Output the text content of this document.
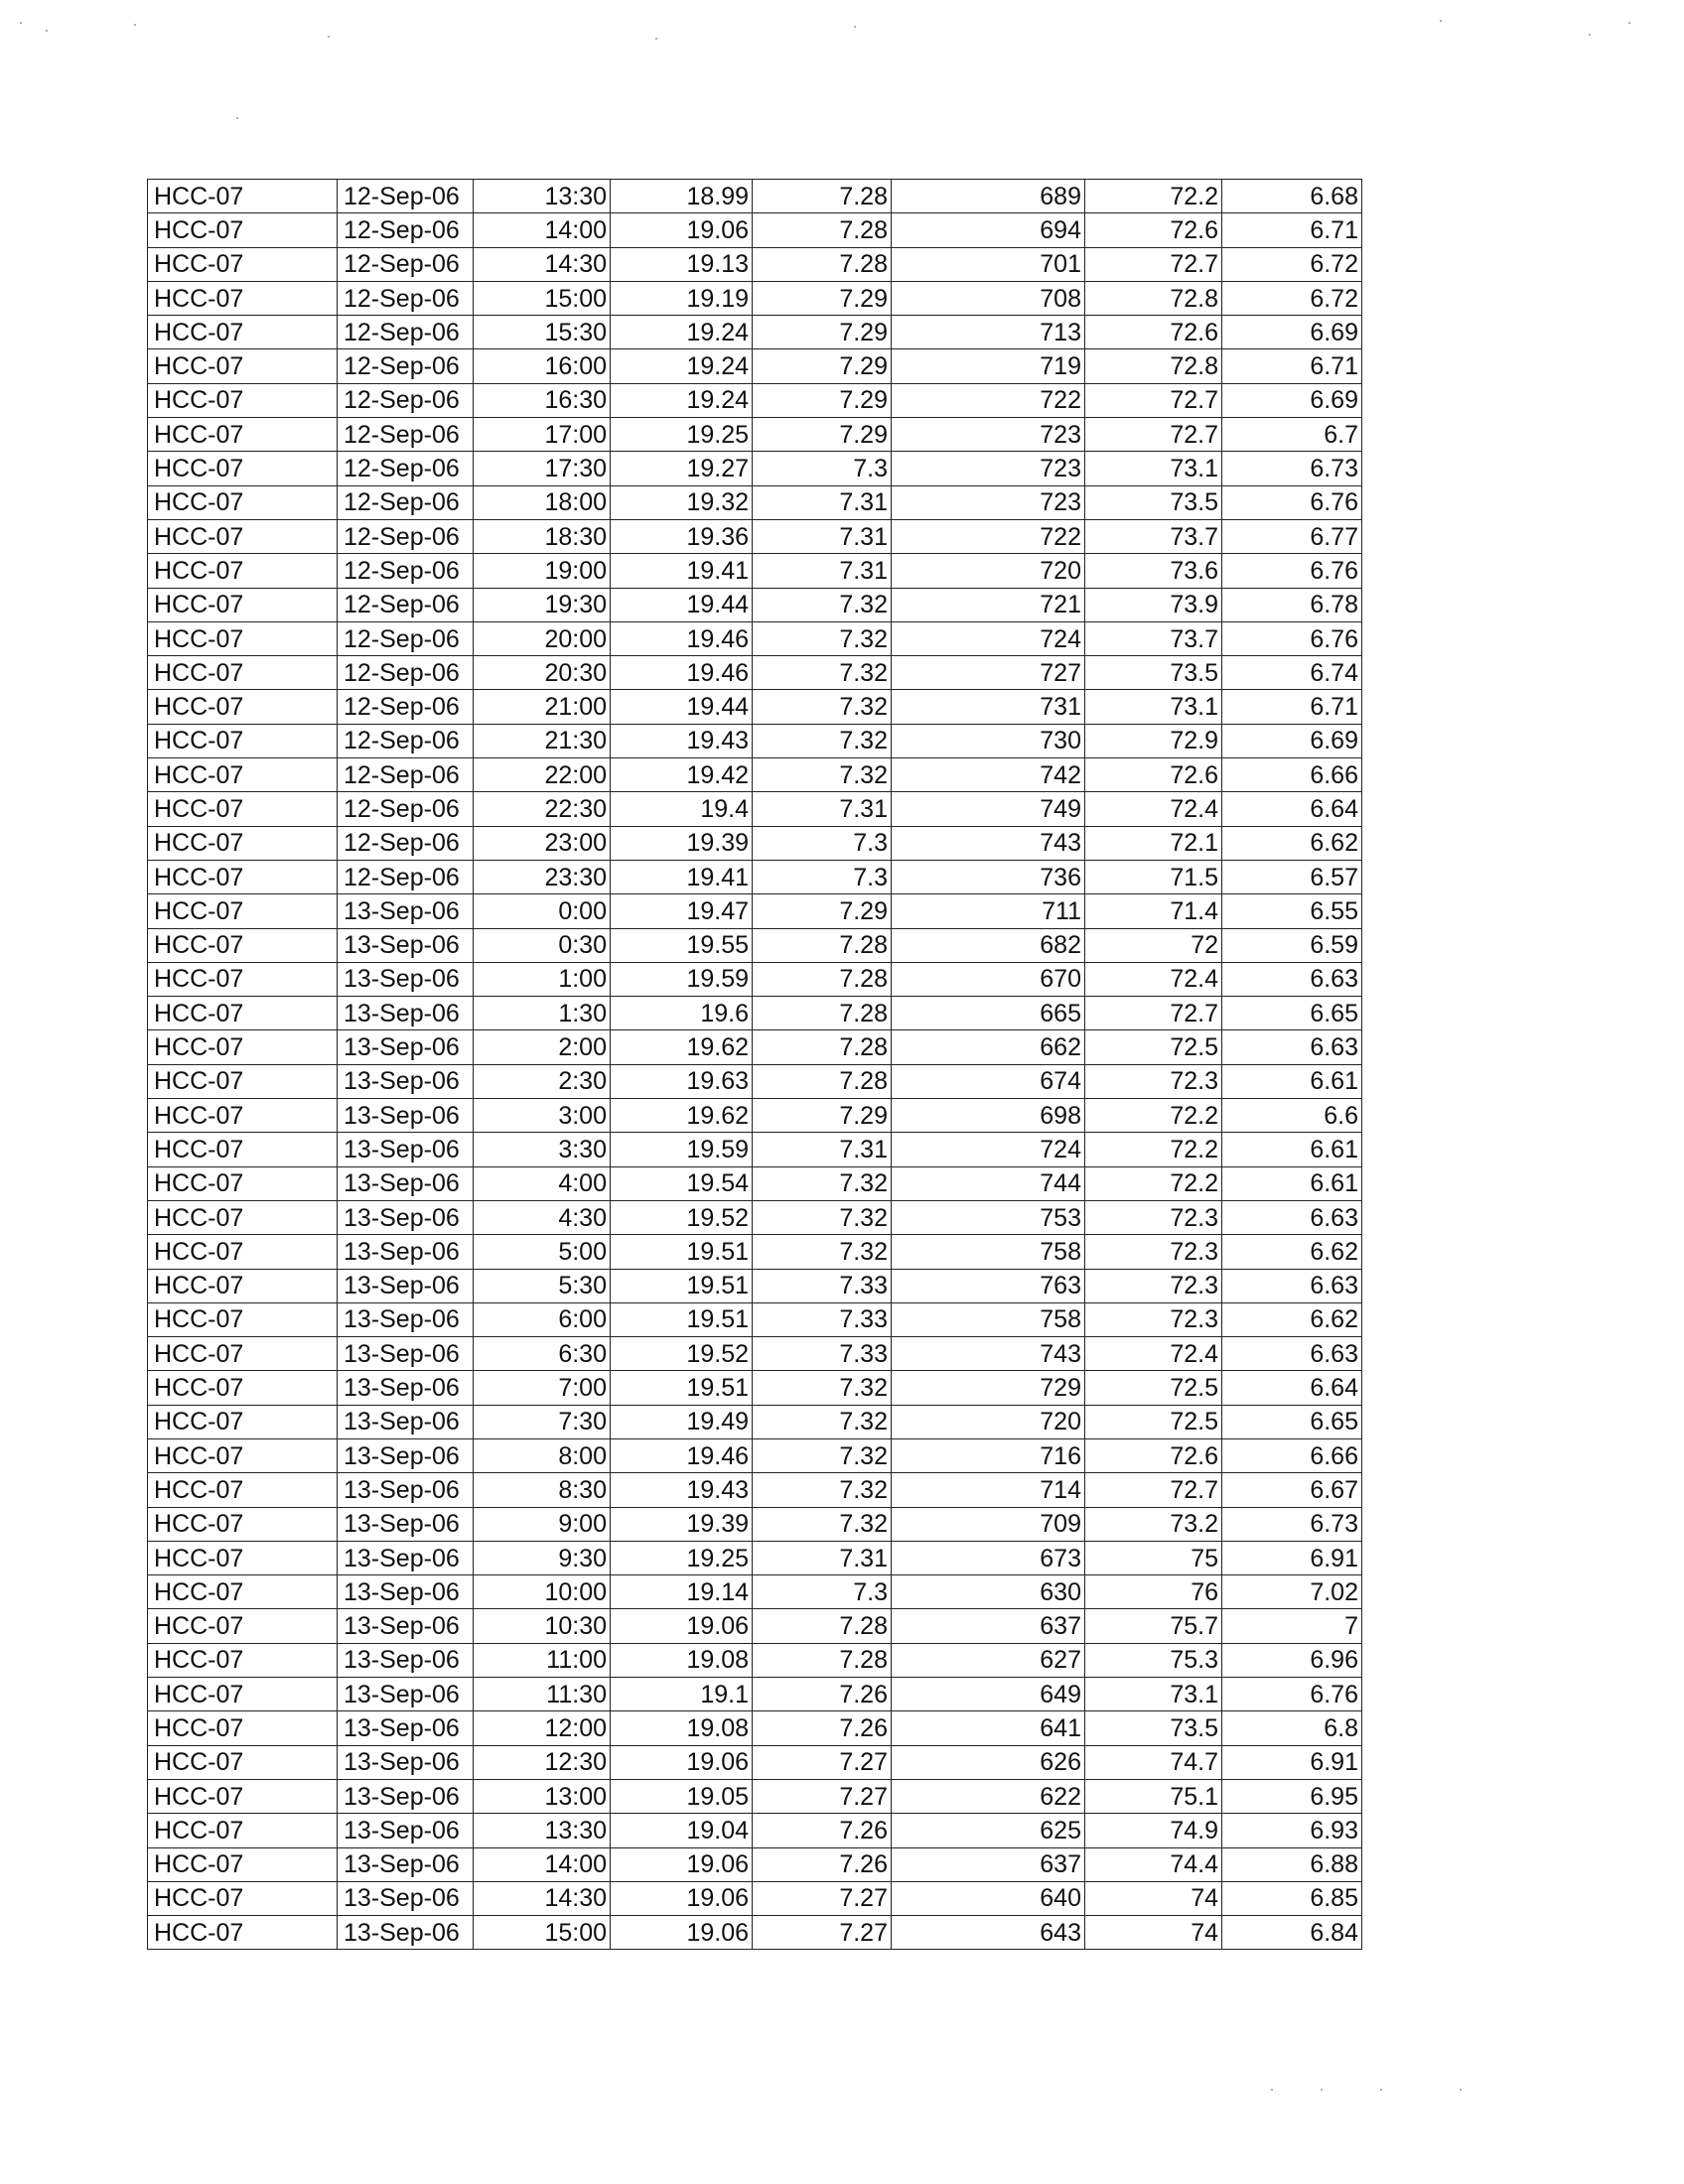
HCC-07	12-Sep-06	13:30	18.99	7.28	689	72.2	6.68
HCC-07	12-Sep-06	14:00	19.06	7.28	694	72.6	6.71
HCC-07	12-Sep-06	14:30	19.13	7.28	701	72.7	6.72
HCC-07	12-Sep-06	15:00	19.19	7.29	708	72.8	6.72
HCC-07	12-Sep-06	15:30	19.24	7.29	713	72.6	6.69
HCC-07	12-Sep-06	16:00	19.24	7.29	719	72.8	6.71
HCC-07	12-Sep-06	16:30	19.24	7.29	722	72.7	6.69
HCC-07	12-Sep-06	17:00	19.25	7.29	723	72.7	6.7
HCC-07	12-Sep-06	17:30	19.27	7.3	723	73.1	6.73
HCC-07	12-Sep-06	18:00	19.32	7.31	723	73.5	6.76
HCC-07	12-Sep-06	18:30	19.36	7.31	722	73.7	6.77
HCC-07	12-Sep-06	19:00	19.41	7.31	720	73.6	6.76
HCC-07	12-Sep-06	19:30	19.44	7.32	721	73.9	6.78
HCC-07	12-Sep-06	20:00	19.46	7.32	724	73.7	6.76
HCC-07	12-Sep-06	20:30	19.46	7.32	727	73.5	6.74
HCC-07	12-Sep-06	21:00	19.44	7.32	731	73.1	6.71
HCC-07	12-Sep-06	21:30	19.43	7.32	730	72.9	6.69
HCC-07	12-Sep-06	22:00	19.42	7.32	742	72.6	6.66
HCC-07	12-Sep-06	22:30	19.4	7.31	749	72.4	6.64
HCC-07	12-Sep-06	23:00	19.39	7.3	743	72.1	6.62
HCC-07	12-Sep-06	23:30	19.41	7.3	736	71.5	6.57
HCC-07	13-Sep-06	0:00	19.47	7.29	711	71.4	6.55
HCC-07	13-Sep-06	0:30	19.55	7.28	682	72	6.59
HCC-07	13-Sep-06	1:00	19.59	7.28	670	72.4	6.63
HCC-07	13-Sep-06	1:30	19.6	7.28	665	72.7	6.65
HCC-07	13-Sep-06	2:00	19.62	7.28	662	72.5	6.63
HCC-07	13-Sep-06	2:30	19.63	7.28	674	72.3	6.61
HCC-07	13-Sep-06	3:00	19.62	7.29	698	72.2	6.6
HCC-07	13-Sep-06	3:30	19.59	7.31	724	72.2	6.61
HCC-07	13-Sep-06	4:00	19.54	7.32	744	72.2	6.61
HCC-07	13-Sep-06	4:30	19.52	7.32	753	72.3	6.63
HCC-07	13-Sep-06	5:00	19.51	7.32	758	72.3	6.62
HCC-07	13-Sep-06	5:30	19.51	7.33	763	72.3	6.63
HCC-07	13-Sep-06	6:00	19.51	7.33	758	72.3	6.62
HCC-07	13-Sep-06	6:30	19.52	7.33	743	72.4	6.63
HCC-07	13-Sep-06	7:00	19.51	7.32	729	72.5	6.64
HCC-07	13-Sep-06	7:30	19.49	7.32	720	72.5	6.65
HCC-07	13-Sep-06	8:00	19.46	7.32	716	72.6	6.66
HCC-07	13-Sep-06	8:30	19.43	7.32	714	72.7	6.67
HCC-07	13-Sep-06	9:00	19.39	7.32	709	73.2	6.73
HCC-07	13-Sep-06	9:30	19.25	7.31	673	75	6.91
HCC-07	13-Sep-06	10:00	19.14	7.3	630	76	7.02
HCC-07	13-Sep-06	10:30	19.06	7.28	637	75.7	7
HCC-07	13-Sep-06	11:00	19.08	7.28	627	75.3	6.96
HCC-07	13-Sep-06	11:30	19.1	7.26	649	73.1	6.76
HCC-07	13-Sep-06	12:00	19.08	7.26	641	73.5	6.8
HCC-07	13-Sep-06	12:30	19.06	7.27	626	74.7	6.91
HCC-07	13-Sep-06	13:00	19.05	7.27	622	75.1	6.95
HCC-07	13-Sep-06	13:30	19.04	7.26	625	74.9	6.93
HCC-07	13-Sep-06	14:00	19.06	7.26	637	74.4	6.88
HCC-07	13-Sep-06	14:30	19.06	7.27	640	74	6.85
HCC-07	13-Sep-06	15:00	19.06	7.27	643	74	6.84
